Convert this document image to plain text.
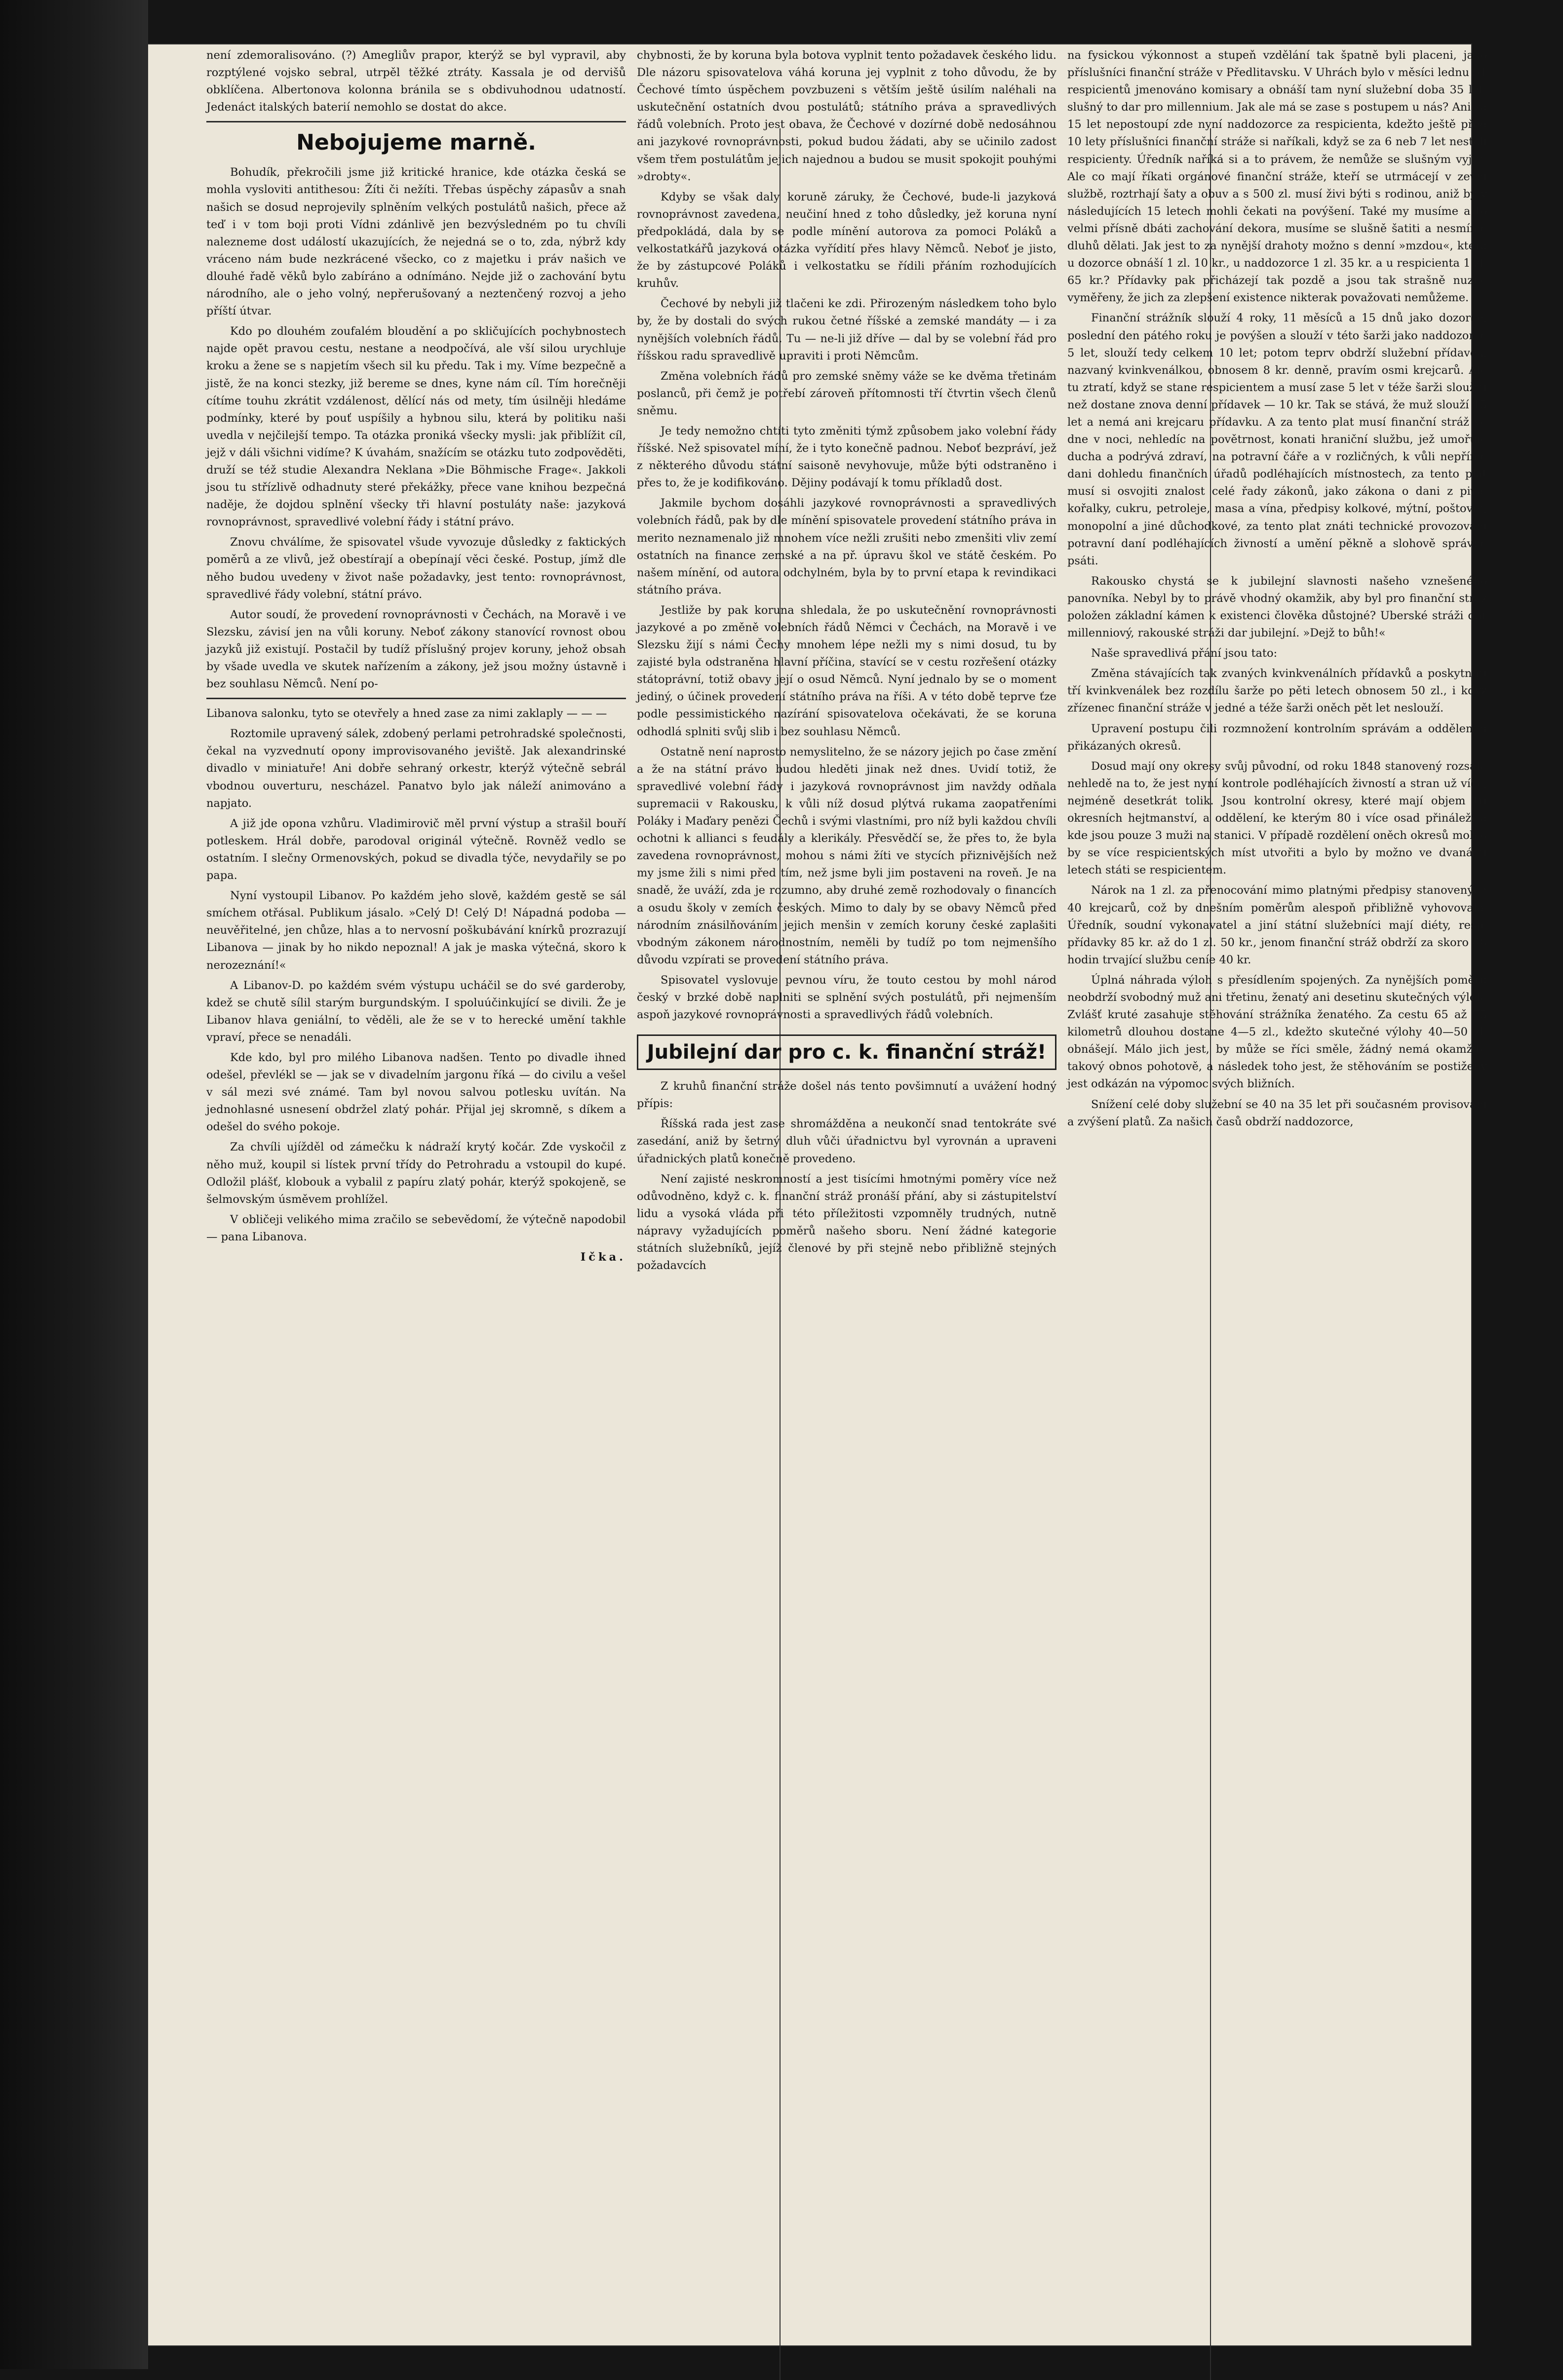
není zdemoralisováno. (?) Amegliův prapor, kterýž se byl vypravil, aby rozptýlené vojsko sebral, utrpěl těžké ztráty. Kassala je od dervišů obklíčena. Albertonova kolonna bránila se s obdivuhodnou udatností. Jedenáct italských baterií nemohlo se dostat do akce.

Nebojujeme marně.

Bohudík, překročili jsme již kritické hranice, kde otázka česká se mohla vysloviti antithesou: Žíti či nežíti. Třebas úspěchy zápasův a snah našich se dosud neprojevily splněním velkých postulátů našich, přece až teď i v tom boji proti Vídni zdánlivě jen bezvýsledném po tu chvíli nalezneme dost událostí ukazujících, že nejedná se o to, zda, nýbrž kdy vráceno nám bude nezkrácené všecko, co z majetku i práv našich ve dlouhé řadě věků bylo zabíráno a odnímáno. Nejde již o zachování bytu národního, ale o jeho volný, nepřerušovaný a neztenčený rozvoj a jeho příští útvar.

Kdo po dlouhém zoufalém bloudění a po skličujících pochybnostech najde opět pravou cestu, nestane a neodpočívá, ale vší silou urychluje kroku a žene se s napjetím všech sil ku předu. Tak i my. Víme bezpečně a jistě, že na konci stezky, již bereme se dnes, kyne nám cíl. Tím horečněji cítíme touhu zkrátit vzdálenost, dělící nás od mety, tím úsilněji hledáme podmínky, které by pouť uspíšily a hybnou silu, která by politiku naši uvedla v nejčilejší tempo. Ta otázka proniká všecky mysli: jak přiblížit cíl, jejž v dáli všichni vidíme? K úvahám, snažícím se otázku tuto zodpověděti, druží se též studie Alexandra Neklana »Die Böhmische Frage«. Jakkoli jsou tu střízlivě odhadnuty steré překážky, přece vane knihou bezpečná naděje, že dojdou splnění všecky tři hlavní postuláty naše: jazyková rovnoprávnost, spravedlivé volební řády i státní právo.

Znovu chválíme, že spisovatel všude vyvozuje důsledky z faktických poměrů a ze vlivů, jež obestírají a obepínají věci české. Postup, jímž dle něho budou uvedeny v život naše požadavky, jest tento: rovnoprávnost, spravedlivé řády volební, státní právo.

Autor soudí, že provedení rovnoprávnosti v Čechách, na Moravě i ve Slezsku, závisí jen na vůli koruny. Neboť zákony stanovící rovnost obou jazyků již existují. Postačil by tudíž příslušný projev koruny, jehož obsah by všade uvedla ve skutek nařízením a zákony, jež jsou možny ústavně i bez souhlasu Němců. Není po-

Libanova salonku, tyto se otevřely a hned zase za nimi zaklaply — — —

Roztomile upravený sálek, zdobený perlami petrohradské společnosti, čekal na vyzvednutí opony improvisovaného jeviště. Jak alexandrinské divadlo v miniatuře! Ani dobře sehraný orkestr, kterýž výtečně sebrál vbodnou ouverturu, nescházel. Panatvo bylo jak náleží animováno a napjato.

A již jde opona vzhůru. Vladimirovič měl první výstup a strašil bouří potleskem. Hrál dobře, parodoval originál výtečně. Rovněž vedlo se ostatním. I slečny Ormenovských, pokud se divadla týče, nevydařily se po papa.

Nyní vystoupil Libanov. Po každém jeho slově, každém gestě se sál smíchem otřásal. Publikum jásalo. »Celý D! Celý D! Nápadná podoba — neuvěřitelné, jen chůze, hlas a to nervosní poškubávání knírků prozrazují Libanova — jinak by ho nikdo nepoznal! A jak je maska výtečná, skoro k nerozeznání!«

A Libanov-D. po každém svém výstupu ucháčil se do své garderoby, kdež se chutě sílil starým burgundským. I spoluúčinkující se divili. Že je Libanov hlava geniální, to věděli, ale že se v to herecké umění takhle vpraví, přece se nenadáli.

Kde kdo, byl pro milého Libanova nadšen. Tento po divadle ihned odešel, převlékl se — jak se v divadelním jargonu říká — do civilu a vešel v sál mezi své známé. Tam byl novou salvou potlesku uvítán. Na jednohlasné usnesení obdržel zlatý pohár. Přijal jej skromně, s díkem a odešel do svého pokoje.

Za chvíli ujížděl od zámečku k nádraží krytý kočár. Zde vyskočil z něho muž, koupil si lístek první třídy do Petrohradu a vstoupil do kupé. Odložil plášť, klobouk a vybalil z papíru zlatý pohár, kterýž spokojeně, se šelmovským úsměvem prohlížel.

V obličeji velikého mima zračilo se sebevědomí, že výtečně napodobil — pana Libanova.

Ička.

chybnosti, že by koruna byla botova vyplnit tento požadavek českého lidu. Dle názoru spisovatelova váhá koruna jej vyplnit z toho důvodu, že by Čechové tímto úspěchem povzbuzeni s větším ještě úsilím naléhali na uskutečnění ostatních dvou postulátů; státního práva a spravedlivých řádů volebních. Proto jest obava, že Čechové v dozírné době nedosáhnou ani jazykové rovnoprávnosti, pokud budou žádati, aby se učinilo zadost všem třem postulátům jejich najednou a budou se musit spokojit pouhými »drobty«.

Kdyby se však daly koruně záruky, že Čechové, bude-li jazyková rovnoprávnost zavedena, neučiní hned z toho důsledky, jež koruna nyní předpokládá, dala by se podle mínění autorova za pomoci Poláků a velkostatkářů jazyková otázka vyřídití přes hlavy Němců. Neboť je jisto, že by zástupcové Poláků i velkostatku se řídili přáním rozhodujících kruhův.

Čechové by nebyli již tlačeni ke zdi. Přirozeným následkem toho bylo by, že by dostali do svých rukou četné říšské a zemské mandáty — i za nynějších volebních řádů. Tu — ne-li již dříve — dal by se volební řád pro říšskou radu spravedlivě upraviti i proti Němcům.

Změna volebních řádů pro zemské sněmy váže se ke dvěma třetinám poslanců, při čemž je potřebí zároveň přítomnosti tří čtvrtin všech členů sněmu.

Je tedy nemožno chtíti tyto změniti týmž způsobem jako volební řády říšské. Než spisovatel míní, že i tyto konečně padnou. Neboť bezpráví, jež z některého důvodu státní saisoně nevyhovuje, může býti odstraněno i přes to, že je kodifikováno. Dějiny podávají k tomu příkladů dost.

Jakmile bychom dosáhli jazykové rovnoprávnosti a spravedlivých volebních řádů, pak by dle mínění spisovatele provedení státního práva in merito neznamenalo již mnohem více nežli zrušiti nebo zmenšiti vliv zemí ostatních na finance zemské a na př. úpravu škol ve státě českém. Po našem mínění, od autora odchylném, byla by to první etapa k revindikaci státního práva.

Jestliže by pak koruna shledala, že po uskutečnění rovnoprávnosti jazykové a po změně volebních řádů Němci v Čechách, na Moravě i ve Slezsku žijí s námi Čechy mnohem lépe nežli my s nimi dosud, tu by zajisté byla odstraněna hlavní příčina, stavící se v cestu rozřešení otázky státoprávní, totiž obavy její o osud Němců. Nyní jednalo by se o moment jediný, o účinek provedení státního práva na říši. A v této době teprve ťze podle pessimistického nazírání spisovatelova očekávati, že se koruna odhodlá splniti svůj slib i bez souhlasu Němců.

Ostatně není naprosto nemyslitelno, že se názory jejich po čase změní a že na státní právo budou hleděti jinak než dnes. Uvidí totiž, že spravedlivé volební řády i jazyková rovnoprávnost jim navždy odňala supremacii v Rakousku, k vůli níž dosud plýtvá rukama zaopatřeními Poláky i Maďary penězi Čechů i svými vlastními, pro níž byli každou chvíli ochotni k allianci s feudály a klerikály. Přesvědčí se, že přes to, že byla zavedena rovnoprávnost, mohou s námi žíti ve stycích přiznivějších než my jsme žili s nimi před tím, než jsme byli jim postaveni na roveň. Je na snadě, že uváží, zda je rozumno, aby druhé země rozhodovaly o financích a osudu školy v zemích českých. Mimo to daly by se obavy Němců před národním znásilňováním jejich menšin v zemích koruny české zaplašiti vbodným zákonem národnostním, neměli by tudíž po tom nejmenšího důvodu vzpírati se provedení státního práva.

Spisovatel vyslovuje pevnou víru, že touto cestou by mohl národ český v brzké době naplniti se splnění svých postulátů, při nejmenším aspoň jazykové rovnoprávnosti a spravedlivých řádů volebních.

Jubilejní dar pro c. k. finanční stráž!

Z kruhů finanční stráže došel nás tento povšimnutí a uvážení hodný přípis:

Říšská rada jest zase shromážděna a neukončí snad tentokráte své zasedání, aniž by šetrný dluh vůči úřadnictvu byl vyrovnán a upraveni úřadnických platů konečně provedeno.

Není zajisté neskromností a jest tisícími hmotnými poměry více než odůvodněno, když c. k. finanční stráž pronáší přání, aby si zástupitelství lidu a vysoká vláda při této příležitosti vzpomněly trudných, nutně nápravy vyžadujících poměrů našeho sboru. Není žádné kategorie státních služebníků, jejíž členové by při stejně nebo přibližně stejných požadavcích

na fysickou výkonnost a stupeň vzdělání tak špatně byli placeni, jako příslušníci finanční stráže v Předlitavsku. V Uhrách bylo v měsíci lednu 51 respicientů jmenováno komisary a obnáší tam nyní služební doba 35 let; slušný to dar pro millennium. Jak ale má se zase s postupem u nás? Ani za 15 let nepostoupí zde nyní naddozorce za respicienta, kdežto ještě před 10 lety příslušníci finanční stráže si naříkali, když se za 6 neb 7 let nestali respicienty. Úředník naříká si a to právem, že nemůže se slušným vyjíti. Ale co mají říkati orgánové finanční stráže, kteří se utrmácejí v zevní službě, roztrhají šaty a obuv a s 500 zl. musí živi býti s rodinou, aniž by v následujících 15 letech mohli čekati na povýšení. Také my musíme a to velmi přísně dbáti zachování dekora, musíme se slušně šatiti a nesmíme dluhů dělati. Jak jest to za nynější drahoty možno s denní »mzdou«, která u dozorce obnáší 1 zl. 10 kr., u naddozorce 1 zl. 35 kr. a u respicienta 1 zl. 65 kr.? Přídavky pak přicházejí tak pozdě a jsou tak strašně nuzně vyměřeny, že jich za zlepšení existence nikterak považovati nemůžeme.

Finanční strážník slouží 4 roky, 11 měsíců a 15 dnů jako dozorce, poslední den pátého roku je povýšen a slouží v této šarži jako naddozorce 5 let, slouží tedy celkem 10 let; potom teprv obdrží služební přídavek, nazvaný kvinkvenálkou, obnosem 8 kr. denně, pravím osmi krejcarů. Ale tu ztratí, když se stane respicientem a musí zase 5 let v téže šarži sloužiti než dostane znova denní přídavek — 10 kr. Tak se stává, že muž slouží 15 let a nemá ani krejcaru přídavku. A za tento plat musí finanční stráž ve dne v noci, nehledíc na povětrnost, konati hraniční službu, jež umořuje ducha a podrývá zdraví, na potravní čáře a v rozličných, k vůli nepřímé dani dohledu finančních úřadů podléhajících místnostech, za tento plat musí si osvojiti znalost celé řady zákonů, jako zákona o dani z piva, kořalky, cukru, petroleje, masa a vína, předpisy kolkové, mýtní, poštovní, monopolní a jiné důchodkové, za tento plat znáti technické provozování potravní daní podléhajících živností a umění pěkně a slohově správně psáti.

Rakousko chystá se k jubilejní slavnosti našeho vznešeného panovníka. Nebyl by to právě vhodný okamžik, aby byl pro finanční stráž položen základní kámen k existenci člověka důstojné? Uberské stráži dar millenniový, rakouské stráži dar jubilejní. »Dejž to bůh!«

Naše spravedlivá přání jsou tato:

Změna stávajících tak zvaných kvinkvenálních přídavků a poskytnutí tří kvinkvenálek bez rozdílu šarže po pěti letech obnosem 50 zl., i když zřízenec finanční stráže v jedné a téže šarži oněch pět let neslouží.

Upravení postupu čili rozmnožení kontrolním správám a oddělením přikázaných okresů.

Dosud mají ony okresy svůj původní, od roku 1848 stanovený rozsah, nehledě na to, že jest nyní kontrole podléhajících živností a stran už více, nejméně desetkrát tolik. Jsou kontrolní okresy, které mají objem tří okresních hejtmanství, a oddělení, ke kterým 80 i více osad přináleží a kde jsou pouze 3 muži na stanici. V případě rozdělení oněch okresů mohlo by se více respicientských míst utvořiti a bylo by možno ve dvanácti letech státi se respicientem.

Nárok na 1 zl. za přenocování mimo platnými předpisy stanovených 40 krejcarů, což by dnešním poměrům alespoň přibližně vyhovovalo. Úředník, soudní vykonavatel a jiní státní služebníci mají diéty, resp. přídavky 85 kr. až do 1 zl. 50 kr., jenom finanční stráž obdrží za skoro 48 hodin trvající službu ceníe 40 kr.

Úplná náhrada výloh s přesídlením spojených. Za nynějších poměrů neobdrží svobodný muž ani třetinu, ženatý ani desetinu skutečných výloh. Zvlášť kruté zasahuje stěhování strážníka ženatého. Za cestu 65 až 75 kilometrů dlouhou dostane 4—5 zl., kdežto skutečné výlohy 40—50 zl. obnášejí. Málo jich jest, by může se říci směle, žádný nemá okamžitě takový obnos pohotově, a následek toho jest, že stěhováním se postižený jest odkázán na výpomoc svých bližních.

Snížení celé doby služební se 40 na 35 let při současném provisování a zvýšení platů. Za našich časů obdrží naddozorce,
